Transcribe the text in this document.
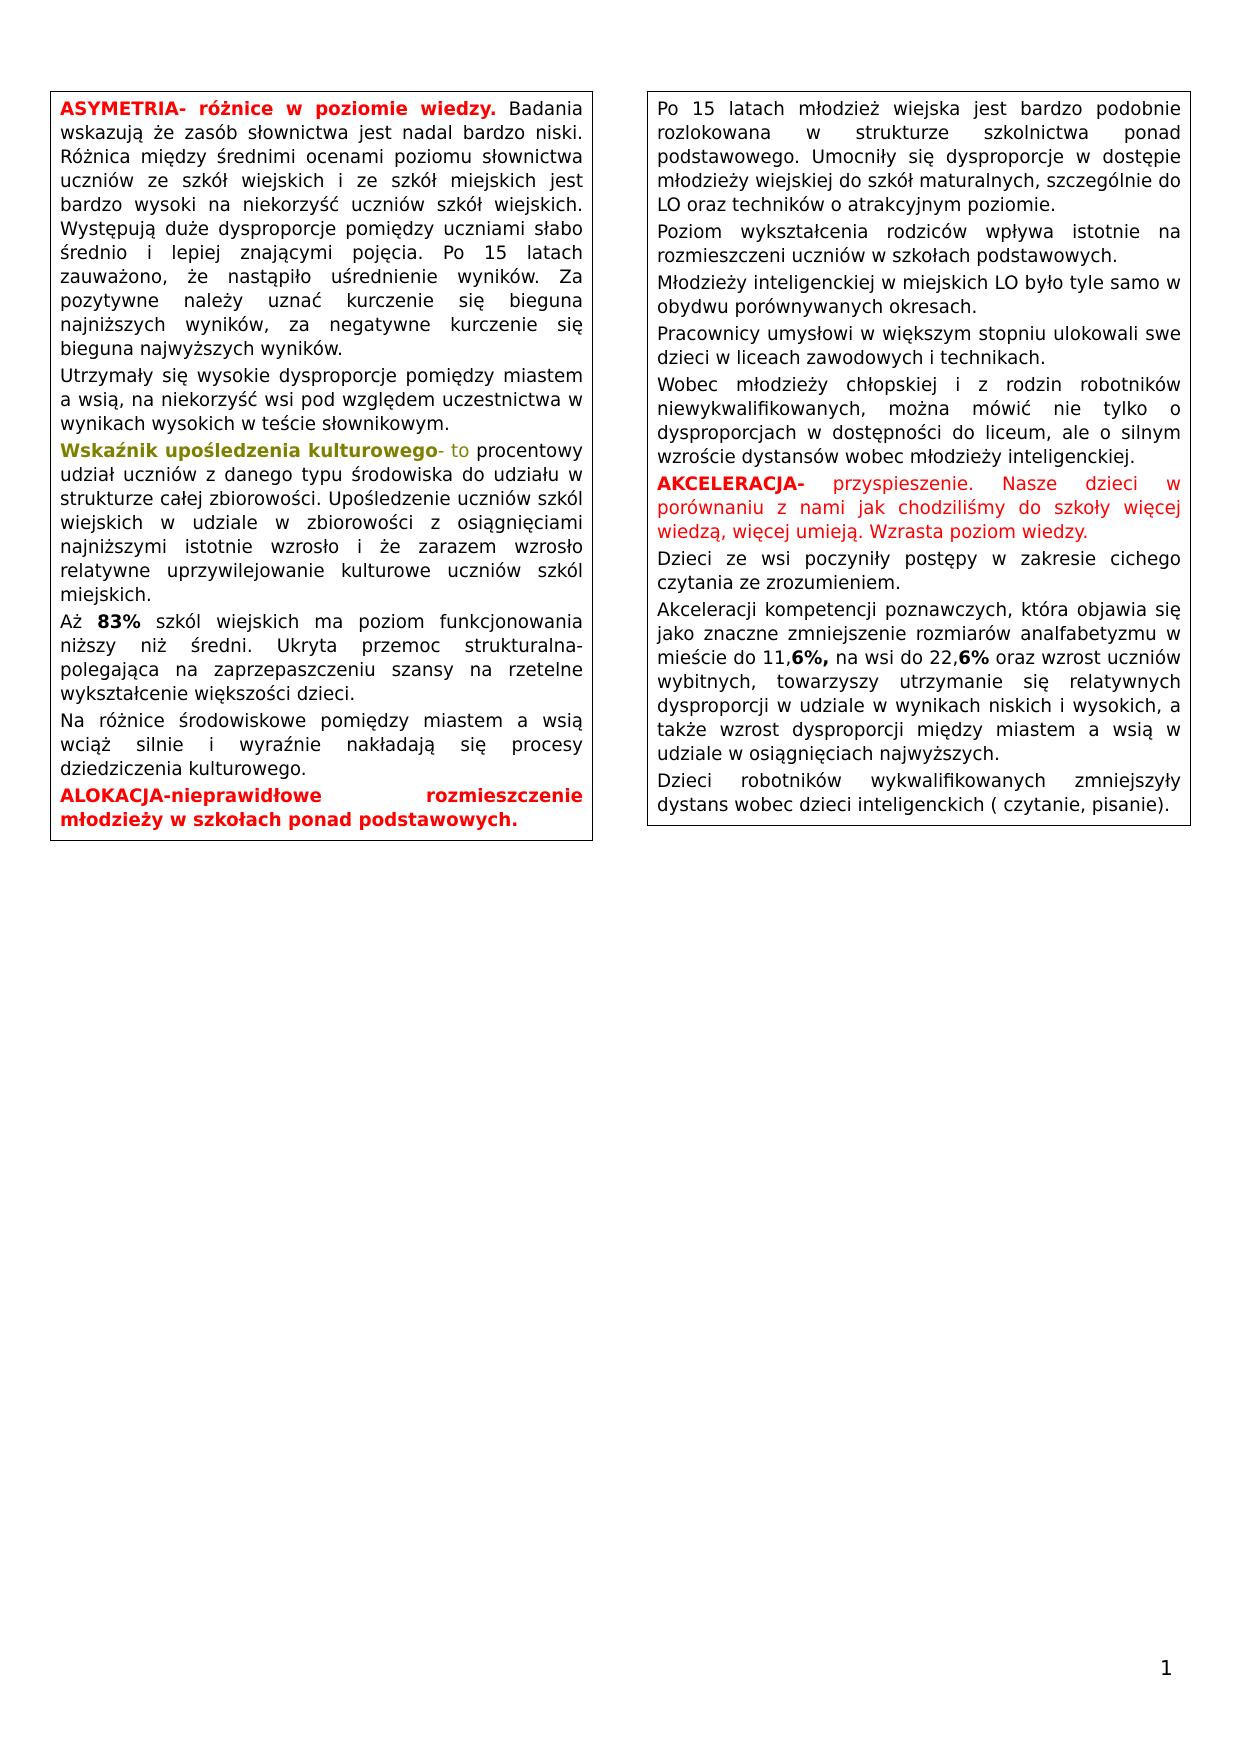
ASYMETRIA- różnice w poziomie wiedzy. Badania wskazują że zasób słownictwa jest nadal bardzo niski. Różnica między średnimi ocenami poziomu słownictwa uczniów ze szkół wiejskich i ze szkół miejskich jest bardzo wysoki na niekorzyść uczniów szkół wiejskich. Występują duże dysproporcje pomiędzy uczniami słabo średnio i lepiej znającymi pojęcia. Po 15 latach zauważono, że nastąpiło uśrednienie wyników. Za pozytywne należy uznać kurczenie się bieguna najniższych wyników, za negatywne kurczenie się bieguna najwyższych wyników.

Utrzymały się wysokie dysproporcje pomiędzy miastem a wsią, na niekorzyść wsi pod względem uczestnictwa w wynikach wysokich w teście słownikowym.

Wskaźnik upośledzenia kulturowego- to procentowy udział uczniów z danego typu środowiska do udziału w strukturze całej zbiorowości. Upośledzenie uczniów szkól wiejskich w udziale w zbiorowości z osiągnięciami najniższymi istotnie wzrosło i że zarazem wzrosło relatywne uprzywilejowanie kulturowe uczniów szkól miejskich.

Aż 83% szkól wiejskich ma poziom funkcjonowania niższy niż średni. Ukryta przemoc strukturalna- polegająca na zaprzepaszczeniu szansy na rzetelne wykształcenie większości dzieci.

Na różnice środowiskowe pomiędzy miastem a wsią wciąż silnie i wyraźnie nakładają się procesy dziedziczenia kulturowego.

ALOKACJA-nieprawidłowe rozmieszczenie młodzieży w szkołach ponad podstawowych.

Po 15 latach młodzież wiejska jest bardzo podobnie rozlokowana w strukturze szkolnictwa ponad podstawowego. Umocniły się dysproporcje w dostępie młodzieży wiejskiej do szkół maturalnych, szczególnie do LO oraz techników o atrakcyjnym poziomie.

Poziom wykształcenia rodziców wpływa istotnie na rozmieszczeni uczniów w szkołach podstawowych.

Młodzieży inteligenckiej w miejskich LO było tyle samo w obydwu porównywanych okresach.

Pracownicy umysłowi w większym stopniu ulokowali swe dzieci w liceach zawodowych i technikach.

Wobec młodzieży chłopskiej i z rodzin robotników niewykwalifikowanych, można mówić nie tylko o dysproporcjach w dostępności do liceum, ale o silnym wzroście dystansów wobec młodzieży inteligenckiej.

AKCELERACJA- przyspieszenie. Nasze dzieci w porównaniu z nami jak chodziliśmy do szkoły więcej wiedzą, więcej umieją. Wzrasta poziom wiedzy.

Dzieci ze wsi poczyniły postępy w zakresie cichego czytania ze zrozumieniem.

Akceleracji kompetencji poznawczych, która objawia się jako znaczne zmniejszenie rozmiarów analfabetyzmu w mieście do 11,6%, na wsi do 22,6% oraz wzrost uczniów wybitnych, towarzyszy utrzymanie się relatywnych dysproporcji w udziale w wynikach niskich i wysokich, a także wzrost dysproporcji między miastem a wsią w udziale w osiągnięciach najwyższych.

Dzieci robotników wykwalifikowanych zmniejszyły dystans wobec dzieci inteligenckich ( czytanie, pisanie).

1
